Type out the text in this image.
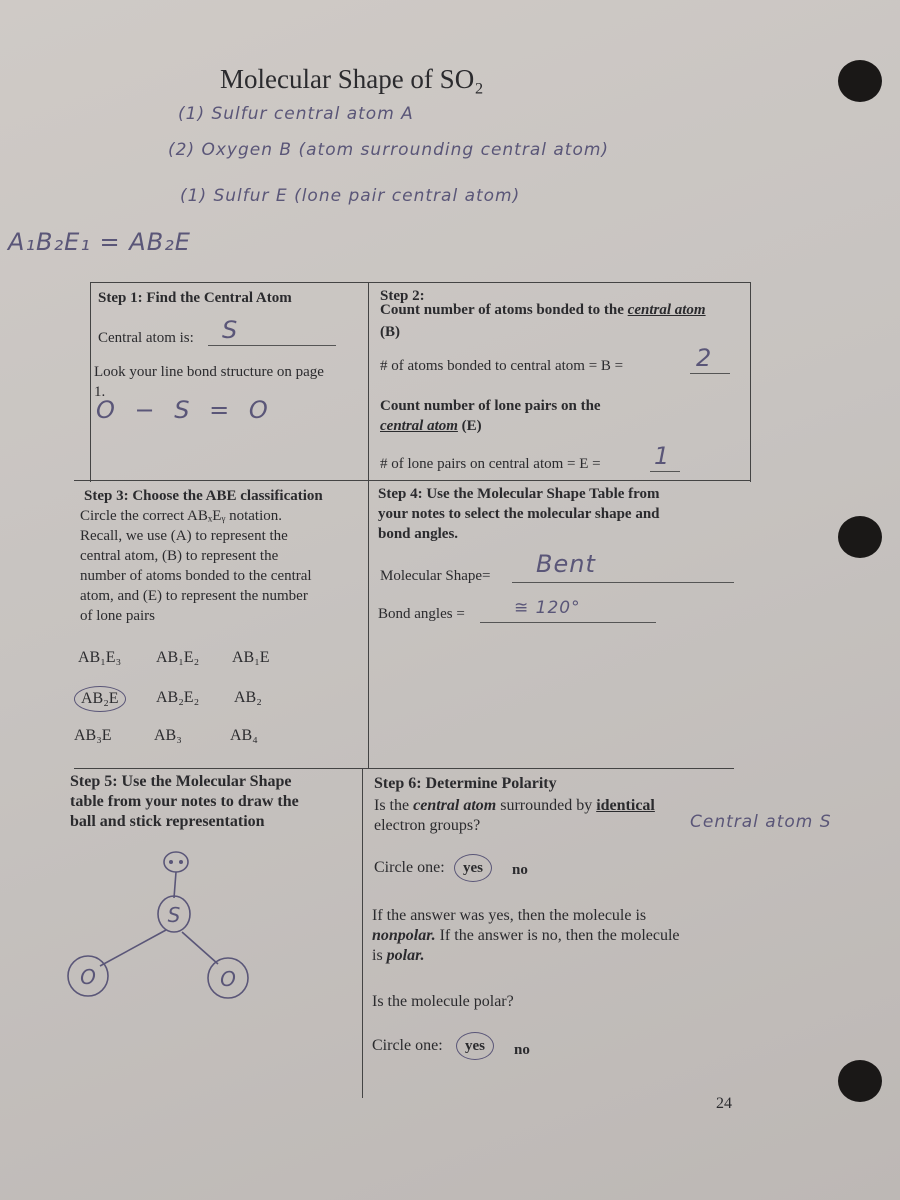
Molecular Shape of SO₂
(1) Sulfur central atom A
(2) Oxygen B (atom surrounding central atom)
(1) Sulfur E (lone pair central atom)
A₁B₂E₁ = AB₂E
Step 1: Find the Central Atom
Central atom is: S
Look your line bond structure on page 1.
O − S = O
Step 2:
Count number of atoms bonded to the central atom
(B)
# of atoms bonded to central atom = B =	2
Count number of lone pairs on the
central atom (E)
# of lone pairs on central atom = E = 1
Step 3: Choose the ABE classification
Circle the correct ABₓEᵧ notation.
Recall, we use (A) to represent the
central atom, (B) to represent the
number of atoms bonded to the central
atom, and (E) to represent the number
of lone pairs
AB₁E₃ AB₁E₂ AB₁E
AB₂E	AB₂E₂ AB₂
AB₃E	AB₃	AB₄
Step 4: Use the Molecular Shape Table from
your notes to select the molecular shape and
bond angles.
Molecular Shape= Bent
Bond angles =	≅ 120°
Step 5: Use the Molecular Shape
table from your notes to draw the
ball and stick representation
S
O	O
Step 6: Determine Polarity
Is the central atom surrounded by identical
electron groups?	Central atom S
Circle one:	yes	no
If the answer was yes, then the molecule is
nonpolar. If the answer is no, then the molecule
is polar.
Is the molecule polar?
Circle one:	yes	no
24
